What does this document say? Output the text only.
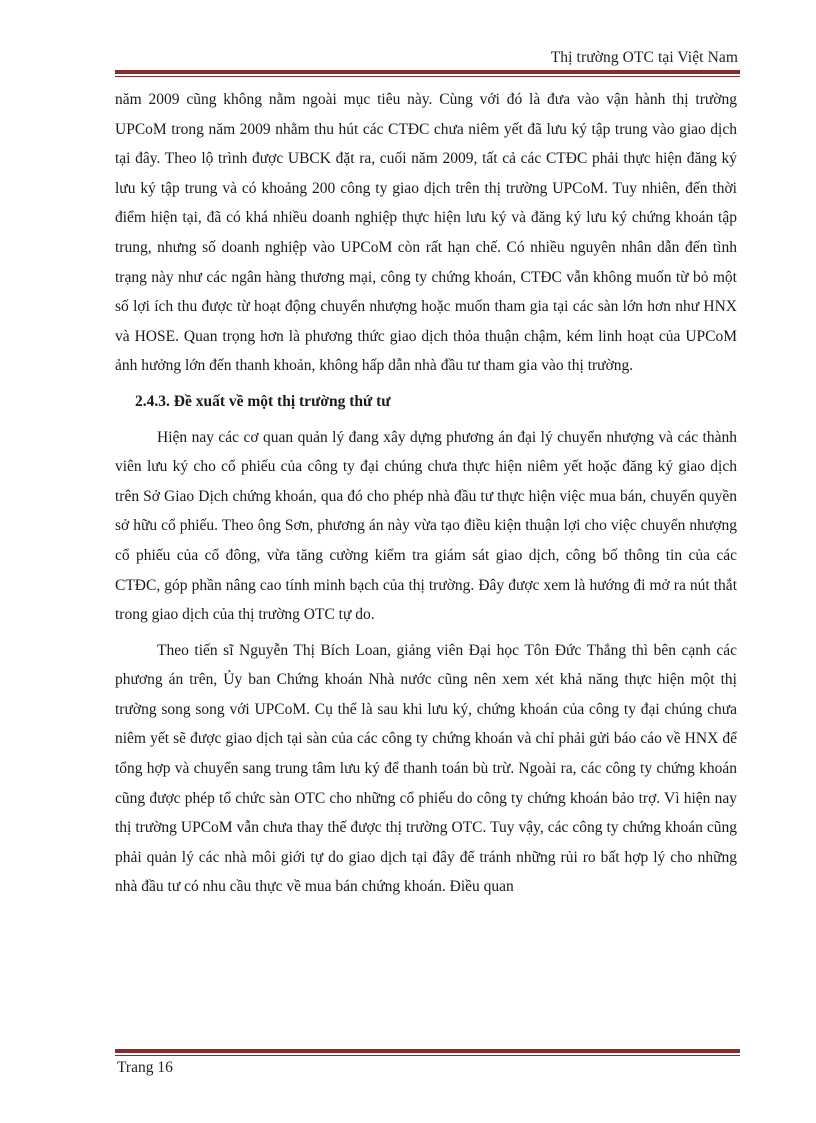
Thị trường OTC tại Việt Nam

năm 2009 cũng không nằm ngoài mục tiêu này. Cùng với đó là đưa vào vận hành thị trường UPCoM trong năm 2009 nhằm thu hút các CTĐC chưa niêm yết đã lưu ký tập trung vào giao dịch tại đây. Theo lộ trình được UBCK đặt ra, cuối năm 2009, tất cả các CTĐC phải thực hiện đăng ký lưu ký tập trung và có khoảng 200 công ty giao dịch trên thị trường UPCoM. Tuy nhiên, đến thời điểm hiện tại, đã có khá nhiều doanh nghiệp thực hiện lưu ký và đăng ký lưu ký chứng khoán tập trung, nhưng số doanh nghiệp vào UPCoM còn rất hạn chế. Có nhiều nguyên nhân dẫn đến tình trạng này như các ngân hàng thương mại, công ty chứng khoán, CTĐC vẫn không muốn từ bỏ một số lợi ích thu được từ hoạt động chuyển nhượng hoặc muốn tham gia tại các sàn lớn hơn như HNX và HOSE. Quan trọng hơn là phương thức giao dịch thỏa thuận chậm, kém linh hoạt của UPCoM ảnh hưởng lớn đến thanh khoản, không hấp dẫn nhà đầu tư tham gia vào thị trường.

2.4.3. Đề xuất về một thị trường thứ tư

Hiện nay các cơ quan quản lý đang xây dựng phương án đại lý chuyển nhượng và các thành viên lưu ký cho cổ phiếu của công ty đại chúng chưa thực hiện niêm yết hoặc đăng ký giao dịch trên Sở Giao Dịch chứng khoán, qua đó cho phép nhà đầu tư thực hiện việc mua bán, chuyển quyền sở hữu cổ phiếu. Theo ông Sơn, phương án này vừa tạo điều kiện thuận lợi cho việc chuyển nhượng cổ phiếu của cổ đông, vừa tăng cường kiểm tra giám sát giao dịch, công bố thông tin của các CTĐC, góp phần nâng cao tính minh bạch của thị trường. Đây được xem là hướng đi mở ra nút thắt trong giao dịch của thị trường OTC tự do.

Theo tiến sĩ Nguyễn Thị Bích Loan, giảng viên Đại học Tôn Đức Thắng thì bên cạnh các phương án trên, Ủy ban Chứng khoán Nhà nước cũng nên xem xét khả năng thực hiện một thị trường song song với UPCoM. Cụ thể là sau khi lưu ký, chứng khoán của công ty đại chúng chưa niêm yết sẽ được giao dịch tại sàn của các công ty chứng khoán và chỉ phải gửi báo cáo về HNX để tổng hợp và chuyển sang trung tâm lưu ký để thanh toán bù trừ. Ngoài ra, các công ty chứng khoán cũng được phép tổ chức sàn OTC cho những cổ phiếu do công ty chứng khoán bảo trợ. Vì hiện nay thị trường UPCoM vẫn chưa thay thế được thị trường OTC. Tuy vậy, các công ty chứng khoán cũng phải quản lý các nhà môi giới tự do giao dịch tại đây để tránh những rủi ro bất hợp lý cho những nhà đầu tư có nhu cầu thực về mua bán chứng khoán. Điều quan

Trang 16
